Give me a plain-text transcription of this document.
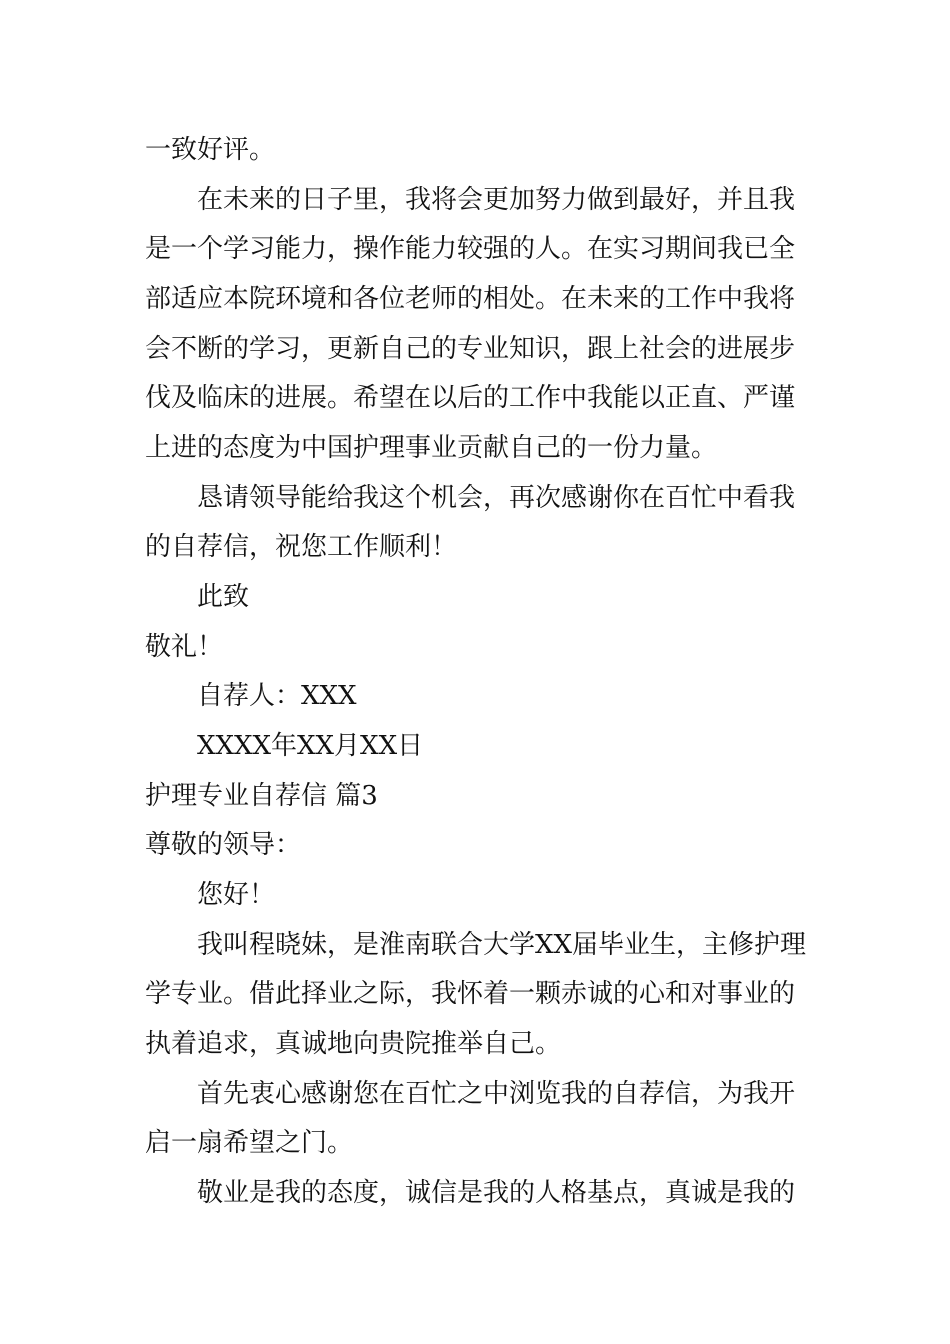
一致好评。
在未来的日子里，我将会更加努力做到最好，并且我
是一个学习能力，操作能力较强的人。在实习期间我已全
部适应本院环境和各位老师的相处。在未来的工作中我将
会不断的学习，更新自己的专业知识，跟上社会的进展步
伐及临床的进展。希望在以后的工作中我能以正直、严谨
上进的态度为中国护理事业贡献自己的一份力量。
恳请领导能给我这个机会，再次感谢你在百忙中看我
的自荐信，祝您工作顺利！
此致
敬礼！
自荐人：XXX
XXXX年XX月XX日
护理专业自荐信 篇3
尊敬的领导：
您好！
我叫程晓妹，是淮南联合大学XX届毕业生，主修护理
学专业。借此择业之际，我怀着一颗赤诚的心和对事业的
执着追求，真诚地向贵院推举自己。
首先衷心感谢您在百忙之中浏览我的自荐信，为我开
启一扇希望之门。
敬业是我的态度，诚信是我的人格基点，真诚是我的
